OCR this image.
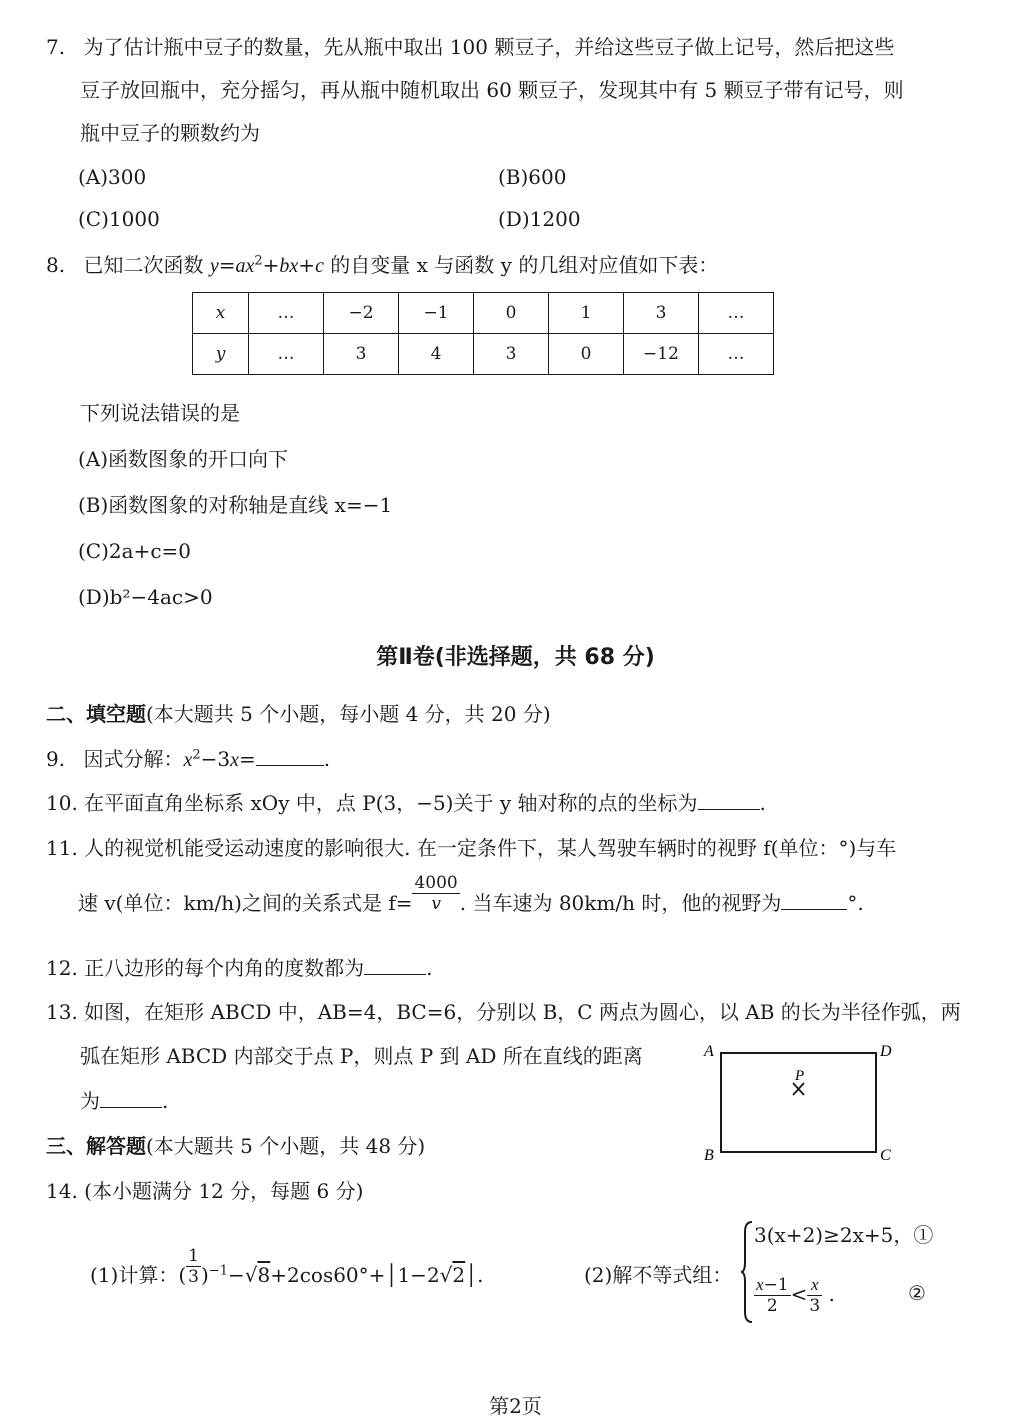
7. 为了估计瓶中豆子的数量，先从瓶中取出 100 颗豆子，并给这些豆子做上记号，然后把这些
豆子放回瓶中，充分摇匀，再从瓶中随机取出 60 颗豆子，发现其中有 5 颗豆子带有记号，则
瓶中豆子的颗数约为
(A)300	(B)600
(C)1000	(D)1200
8. 已知二次函数 $y=ax^2+bx+c$ 的自变量 x 与函数 y 的几组对应值如下表：
x	…	−2	−1	0	1	3	…
y	…	3	4	3	0	−12	…
下列说法错误的是
(A)函数图象的开口向下
(B)函数图象的对称轴是直线 x=−1
(C)2a+c=0
(D)b²−4ac>0
第Ⅱ卷(非选择题，共 68 分)
二、填空题(本大题共 5 个小题，每小题 4 分，共 20 分)
9. 因式分解：$x^2-3x=$	.
10. 在平面直角坐标系 xOy 中，点 P(3，−5)关于 y 轴对称的点的坐标为	.
11. 人的视觉机能受运动速度的影响很大. 在一定条件下，某人驾驶车辆时的视野 f(单位：°)与车
速 v(单位：km/h)之间的关系式是 $f= \frac{4000}{v}$ . 当车速为 80km/h 时，他的视野为	°.
12. 正八边形的每个内角的度数都为	.
13. 如图，在矩形 ABCD 中，AB=4，BC=6，分别以 B，C 两点为圆心，以 AB 的长为半径作弧，两
弧在矩形 ABCD 内部交于点 P，则点 P 到 AD 所在直线的距离
为	.
A	D
B	C
P
三、解答题(本大题共 5 个小题，共 48 分)
14. (本小题满分 12 分，每题 6 分)
(1)计算：( $\frac{1}{3}$ )$^{-1}$−√8+2cos60°+│1−2√2│.	(2)解不等式组：
3(x+2)≥2x+5，①
$\frac{x-1}{2} < \frac{x}{3}$ .	②
第2页
